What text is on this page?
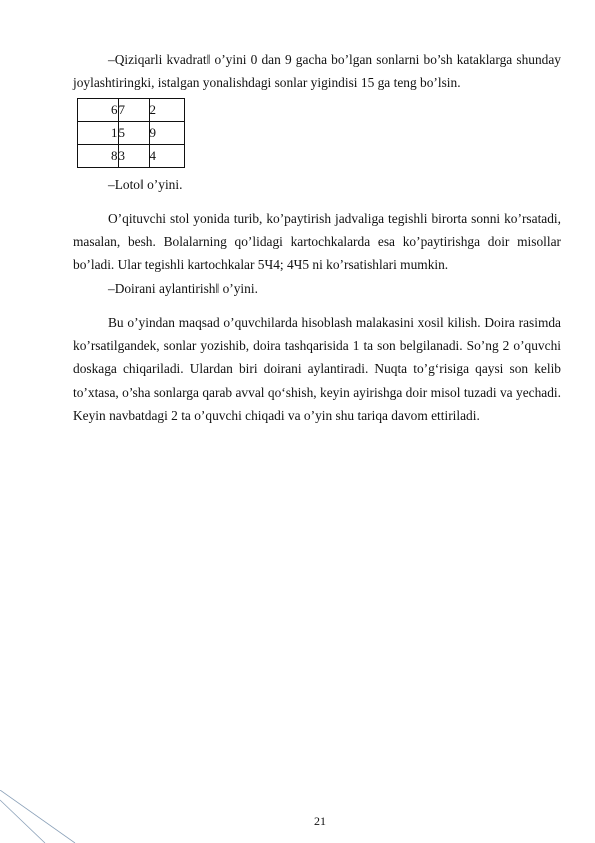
–Qiziqarli kvadrat‖ o’yini 0 dan 9 gacha bo’lgan sonlarni bo’sh kataklarga shunday joylashtiringki, istalgan yonalishdagi sonlar yigindisi 15 ga teng bo’lsin.

6	7	2
1	5	9
8	3	4
–Loto‖ o’yini.

O’qituvchi stol yonida turib, ko’paytirish jadvaliga tegishli birorta sonni ko’rsatadi, masalan, besh. Bolalarning qo’lidagi kartochkalarda esa ko’paytirishga doir misollar bo’ladi. Ular tegishli kartochkalar 5Ч4; 4Ч5 ni ko’rsatishlari mumkin.

–Doirani aylantirish‖ o’yini.

Bu o’yindan maqsad o’quvchilarda hisoblash malakasini xosil kilish. Doira rasimda ko’rsatilgandek, sonlar yozishib, doira tashqarisida 1 ta son belgilanadi. So’ng 2 o’quvchi doskaga chiqariladi. Ulardan biri doirani aylantiradi. Nuqta to’g‘risiga qaysi son kelib to’xtasa, o’sha sonlarga qarab avval qo‘shish, keyin ayirishga doir misol tuzadi va yechadi. Keyin navbatdagi 2 ta o’quvchi chiqadi va o’yin shu tariqa davom ettiriladi.

21
